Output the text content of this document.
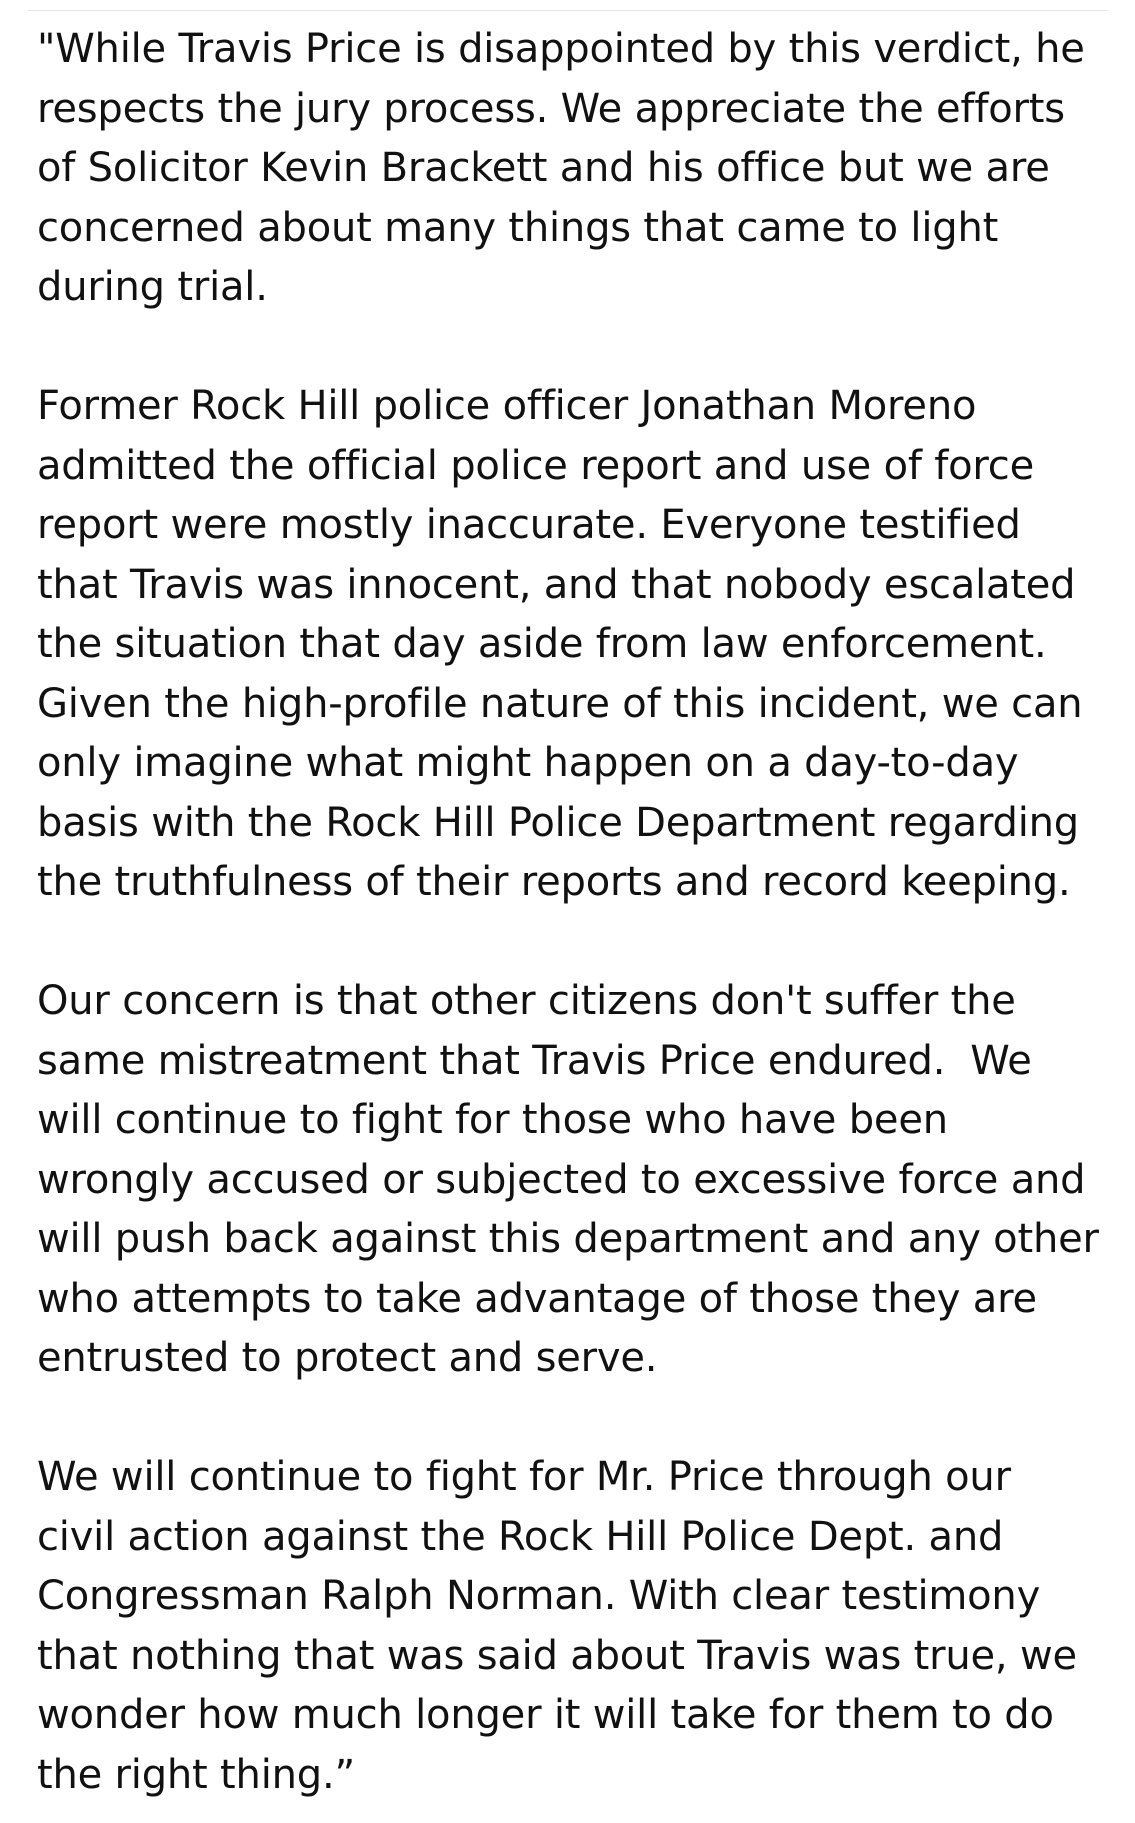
"While Travis Price is disappointed by this verdict, he
respects the jury process. We appreciate the efforts
of Solicitor Kevin Brackett and his office but we are
concerned about many things that came to light
during trial.
Former Rock Hill police officer Jonathan Moreno
admitted the official police report and use of force
report were mostly inaccurate. Everyone testified
that Travis was innocent, and that nobody escalated
the situation that day aside from law enforcement.
Given the high-profile nature of this incident, we can
only imagine what might happen on a day-to-day
basis with the Rock Hill Police Department regarding
the truthfulness of their reports and record keeping.
Our concern is that other citizens don't suffer the
same mistreatment that Travis Price endured.  We
will continue to fight for those who have been
wrongly accused or subjected to excessive force and
will push back against this department and any other
who attempts to take advantage of those they are
entrusted to protect and serve.
We will continue to fight for Mr. Price through our
civil action against the Rock Hill Police Dept. and
Congressman Ralph Norman. With clear testimony
that nothing that was said about Travis was true, we
wonder how much longer it will take for them to do
the right thing.”
